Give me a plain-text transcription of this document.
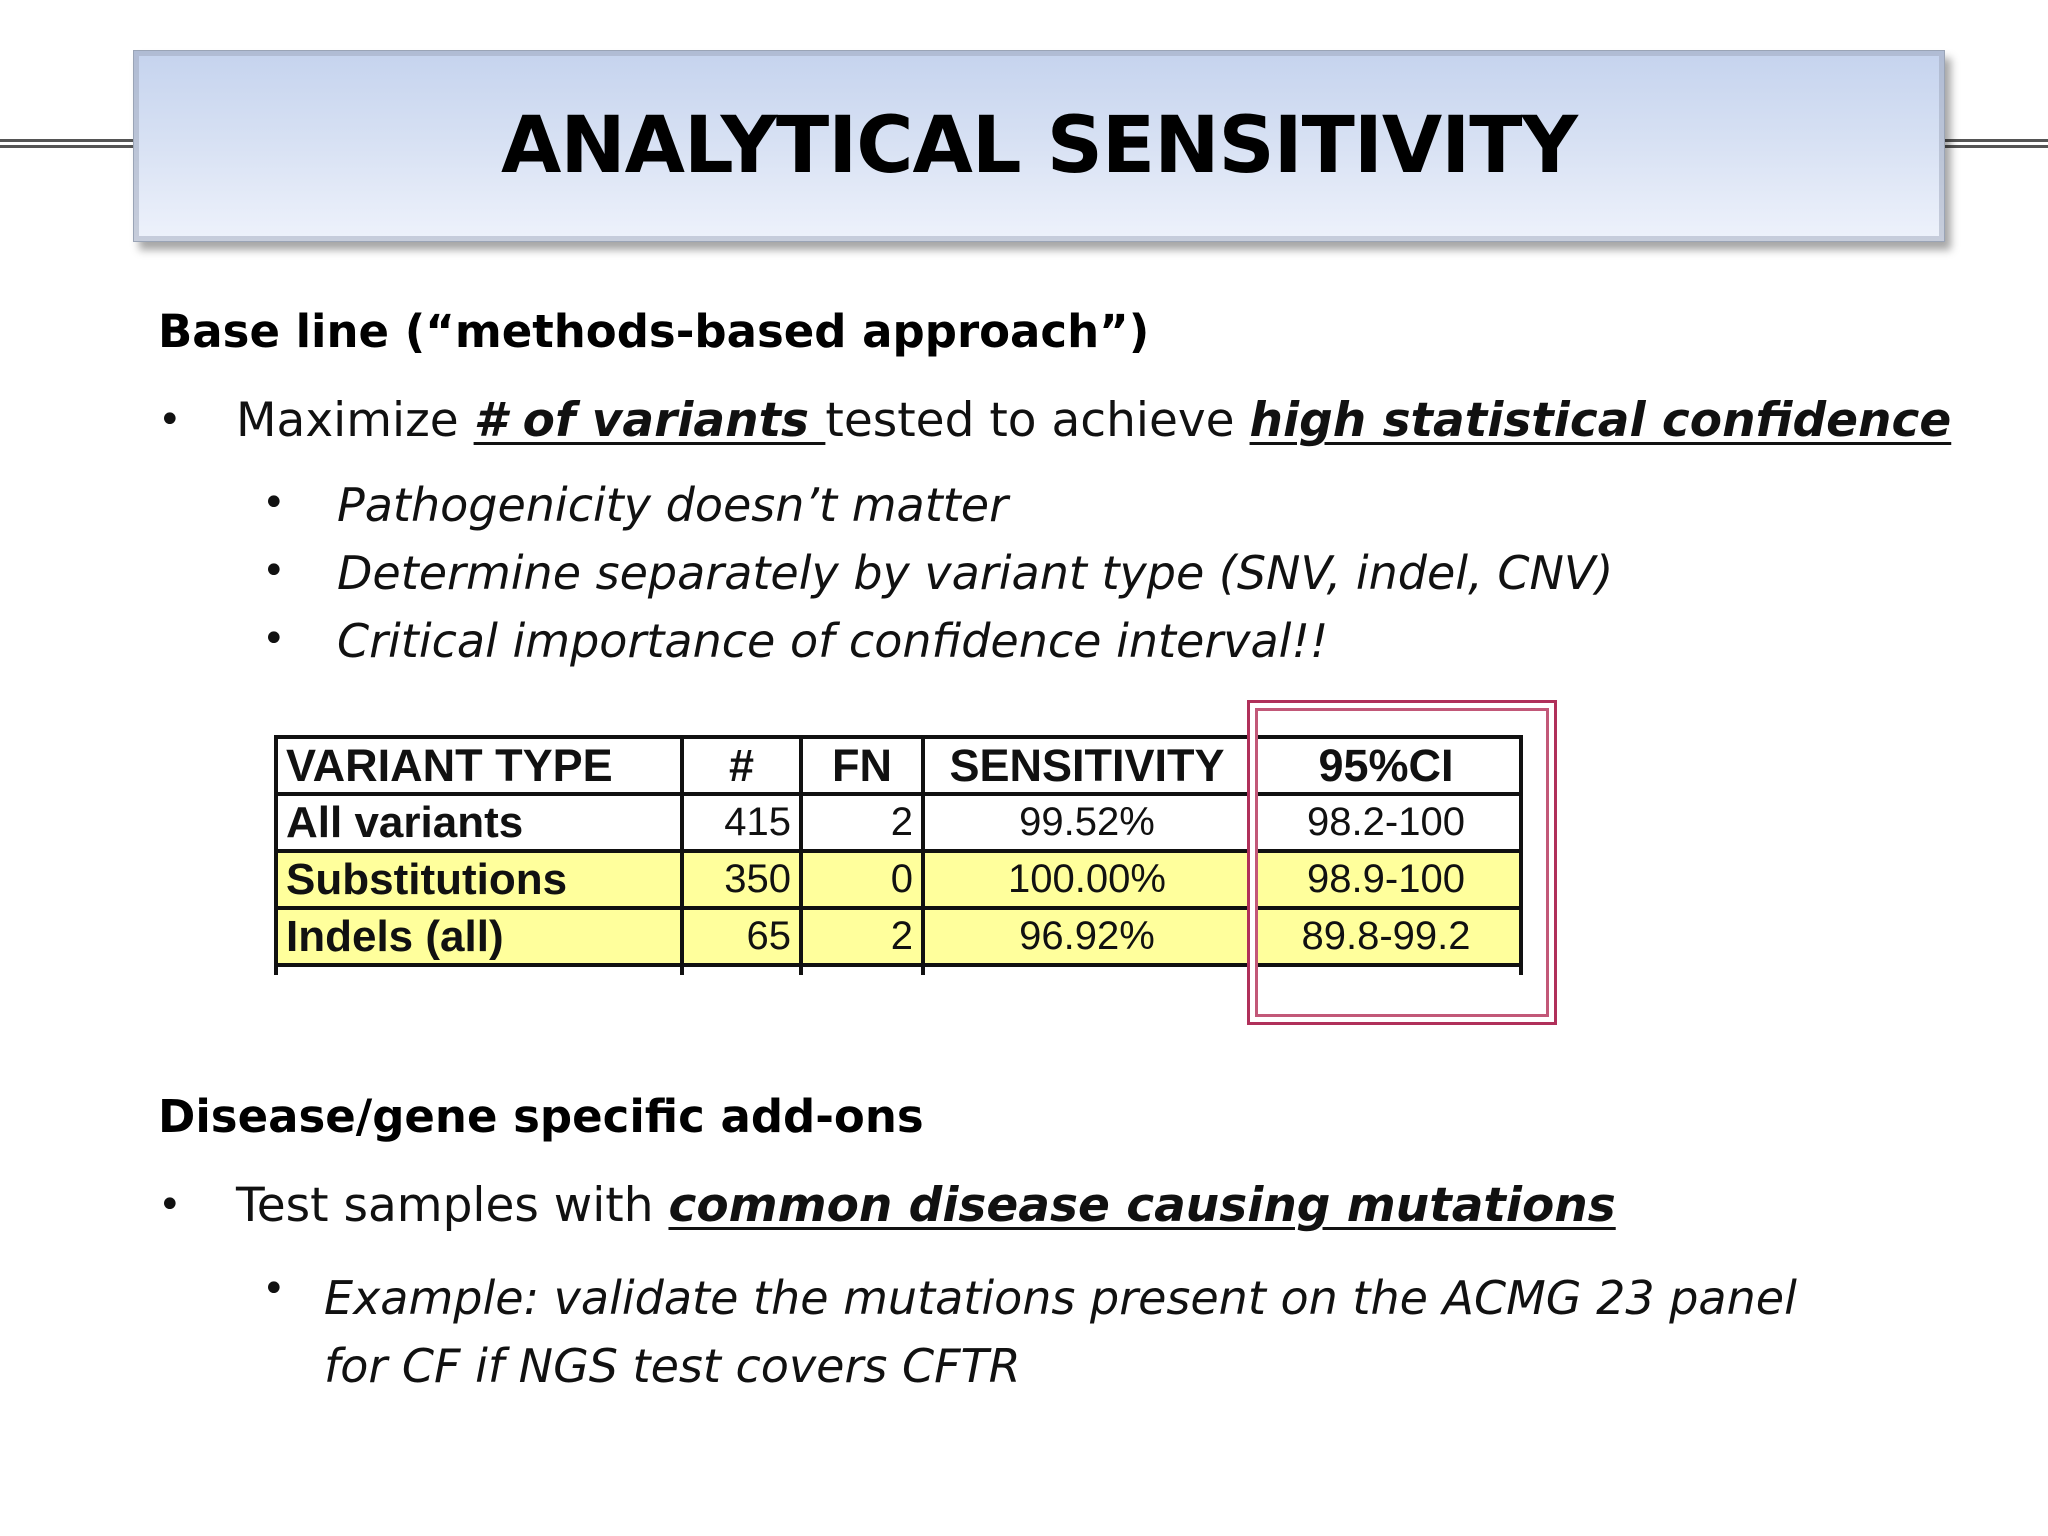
ANALYTICAL SENSITIVITY
Base line (“methods-based approach”)
• Maximize # of variants tested to achieve high statistical confidence
• Pathogenicity doesn’t matter
• Determine separately by variant type (SNV, indel, CNV)
• Critical importance of confidence interval!!
VARIANT TYPE	#	FN	SENSITIVITY	95%CI
All variants	415	2	99.52%	98.2-100
Substitutions	350	0	100.00%	98.9-100
Indels (all)	65	2	96.92%	89.8-99.2

Disease/gene specific add-ons
• Test samples with common disease causing mutations
• Example: validate the mutations present on the ACMG 23 panel
for CF if NGS test covers CFTR
